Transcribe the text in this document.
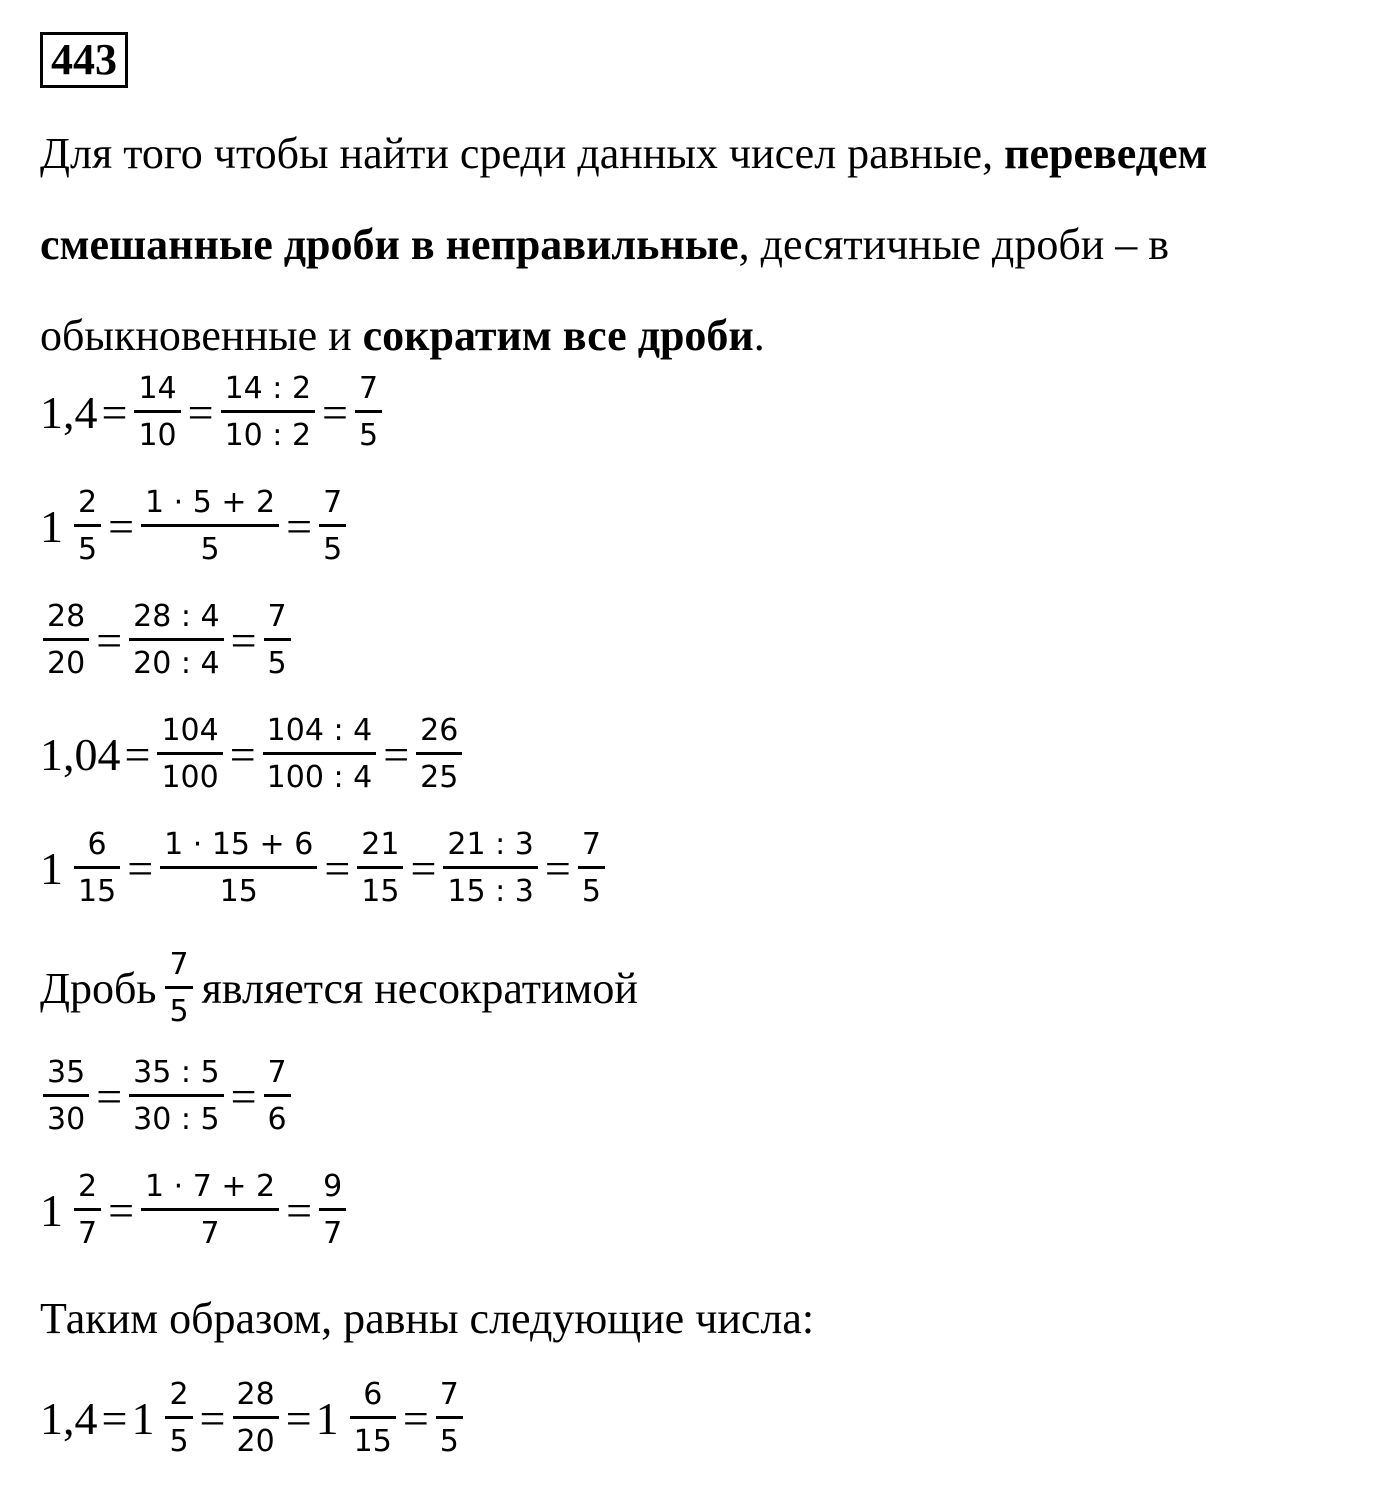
443

Для того чтобы найти среди данных чисел равные, переведем смешанные дроби в неправильные, десятичные дроби – в обыкновенные и сократим все дроби.

$1,4 = \frac{14}{10} = \frac{14 : 2}{10 : 2} = \frac{7}{5}$
$1 \frac{2}{5} = \frac{1 \cdot 5 + 2}{5} = \frac{7}{5}$
$\frac{28}{20} = \frac{28 : 4}{20 : 4} = \frac{7}{5}$
$1,04 = \frac{104}{100} = \frac{104 : 4}{100 : 4} = \frac{26}{25}$
$1 \frac{6}{15} = \frac{1 \cdot 15 + 6}{15} = \frac{21}{15} = \frac{21 : 3}{15 : 3} = \frac{7}{5}$
Дробь $\frac{7}{5}$ является несократимой
$\frac{35}{30} = \frac{35 : 5}{30 : 5} = \frac{7}{6}$
$1 \frac{2}{7} = \frac{1 \cdot 7 + 2}{7} = \frac{9}{7}$
Таким образом, равны следующие числа:
$1,4 = 1 \frac{2}{5} = \frac{28}{20} = 1 \frac{6}{15} = \frac{7}{5}$
